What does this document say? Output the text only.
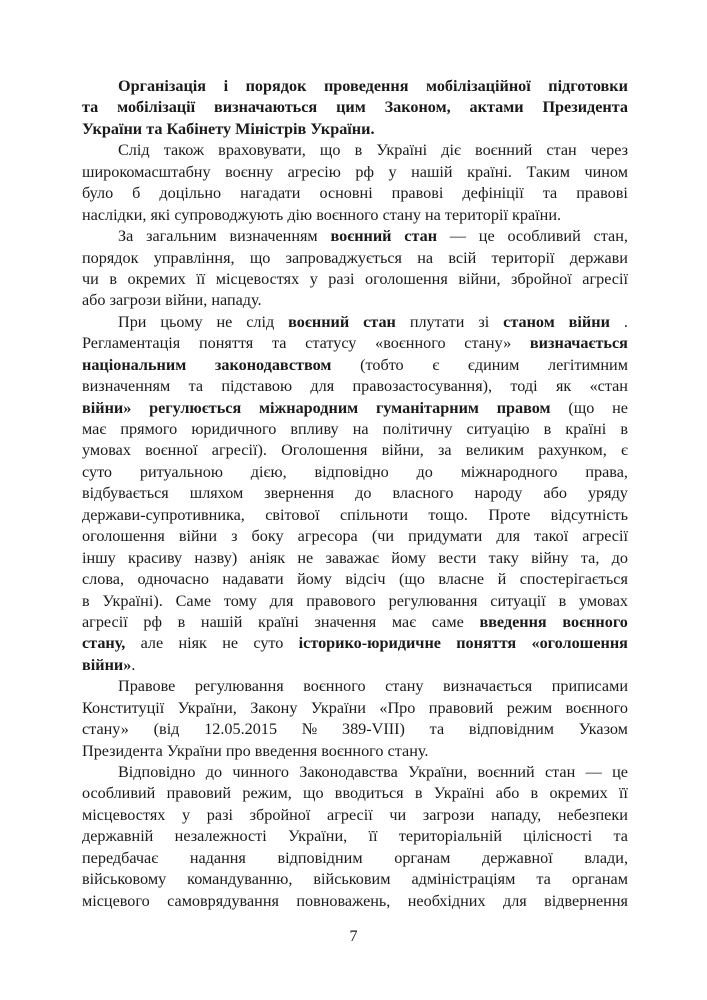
Організація і порядок проведення мобілізаційної підготовки
та мобілізації визначаються цим Законом, актами Президента
України
та
Кабінету
Міністрів
України.
Слід також враховувати, що в Україні діє воєнний стан через
широкомасштабну воєнну агресію рф у нашій країні. Таким чином
було б доцільно нагадати основні правові дефініції та правові
наслідки,
які
супроводжують
дію
воєнного
стану
на
території
країни.
За загальним визначенням воєнний стан — це особливий стан,
порядок управління, що запроваджується на всій території держави
чи в окремих її місцевостях у разі оголошення війни, збройної агресії
або
загрози
війни,
нападу.
При цьому не слід воєнний стан плутати зі станом війни .
Регламентація поняття та статусу «воєнного стану» визначається
національним законодавством (тобто є єдиним легітимним
визначенням та підставою для правозастосування), тоді як «стан
війни» регулюється міжнародним гуманітарним правом (що не
має прямого юридичного впливу на політичну ситуацію в країні в
умовах воєнної агресії). Оголошення війни, за великим рахунком, є
суто ритуальною дією, відповідно до міжнародного права,
відбувається шляхом звернення до власного народу або уряду
держави-супротивника, світової спільноти тощо. Проте відсутність
оголошення війни з боку агресора (чи придумати для такої агресії
іншу красиву назву) аніяк не заважає йому вести таку війну та, до
слова, одночасно надавати йому відсіч (що власне й спостерігається
в Україні). Саме тому для правового регулювання ситуації в умовах
агресії рф в нашій країні значення має саме введення воєнного
стану, але ніяк не суто історико-юридичне поняття «оголошення
війни» .
Правове регулювання воєнного стану визначається приписами
Конституції України, Закону України «Про правовий режим воєнного
стану» (від 12.05.2015 № 389-VIII) та відповідним Указом
Президента
України
про
введення
воєнного
стану.
Відповідно до чинного Законодавства України, воєнний стан — це
особливий правовий режим, що вводиться в Україні або в окремих її
місцевостях у разі збройної агресії чи загрози нападу, небезпеки
державній незалежності України, її територіальній цілісності та
передбачає надання відповідним органам державної влади,
військовому командуванню, військовим адміністраціям та органам
місцевого самоврядування повноважень, необхідних для відвернення
7
